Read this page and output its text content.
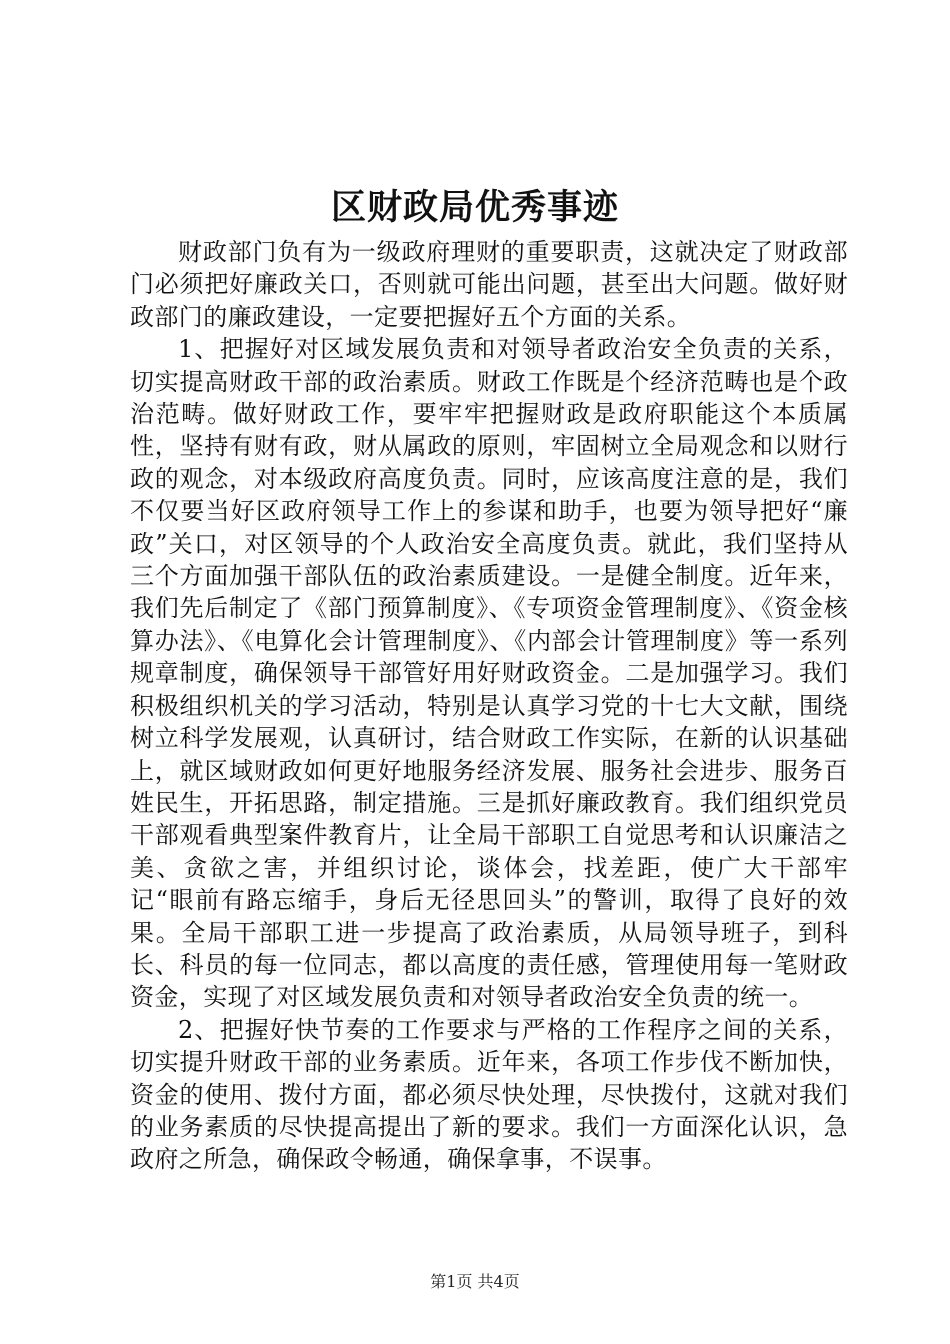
区财政局优秀事迹

财政部门负有为一级政府理财的重要职责，这就决定了财政部门必须把好廉政关口，否则就可能出问题，甚至出大问题。做好财政部门的廉政建设，一定要把握好五个方面的关系。

1、把握好对区域发展负责和对领导者政治安全负责的关系，切实提高财政干部的政治素质。财政工作既是个经济范畴也是个政治范畴。做好财政工作，要牢牢把握财政是政府职能这个本质属性，坚持有财有政，财从属政的原则，牢固树立全局观念和以财行政的观念，对本级政府高度负责。同时，应该高度注意的是，我们不仅要当好区政府领导工作上的参谋和助手，也要为领导把好“廉政”关口，对区领导的个人政治安全高度负责。就此，我们坚持从三个方面加强干部队伍的政治素质建设。一是健全制度。近年来，我们先后制定了《部门预算制度》、《专项资金管理制度》、《资金核算办法》、《电算化会计管理制度》、《内部会计管理制度》等一系列规章制度，确保领导干部管好用好财政资金。二是加强学习。我们积极组织机关的学习活动，特别是认真学习党的十七大文献，围绕树立科学发展观，认真研讨，结合财政工作实际，在新的认识基础上，就区域财政如何更好地服务经济发展、服务社会进步、服务百姓民生，开拓思路，制定措施。三是抓好廉政教育。我们组织党员干部观看典型案件教育片，让全局干部职工自觉思考和认识廉洁之美、贪欲之害，并组织讨论，谈体会，找差距，使广大干部牢记“眼前有路忘缩手，身后无径思回头”的警训，取得了良好的效果。全局干部职工进一步提高了政治素质，从局领导班子，到科长、科员的每一位同志，都以高度的责任感，管理使用每一笔财政资金，实现了对区域发展负责和对领导者政治安全负责的统一。

2、把握好快节奏的工作要求与严格的工作程序之间的关系，切实提升财政干部的业务素质。近年来，各项工作步伐不断加快，资金的使用、拨付方面，都必须尽快处理，尽快拨付，这就对我们的业务素质的尽快提高提出了新的要求。我们一方面深化认识，急政府之所急，确保政令畅通，确保拿事，不误事。

第1页 共4页
